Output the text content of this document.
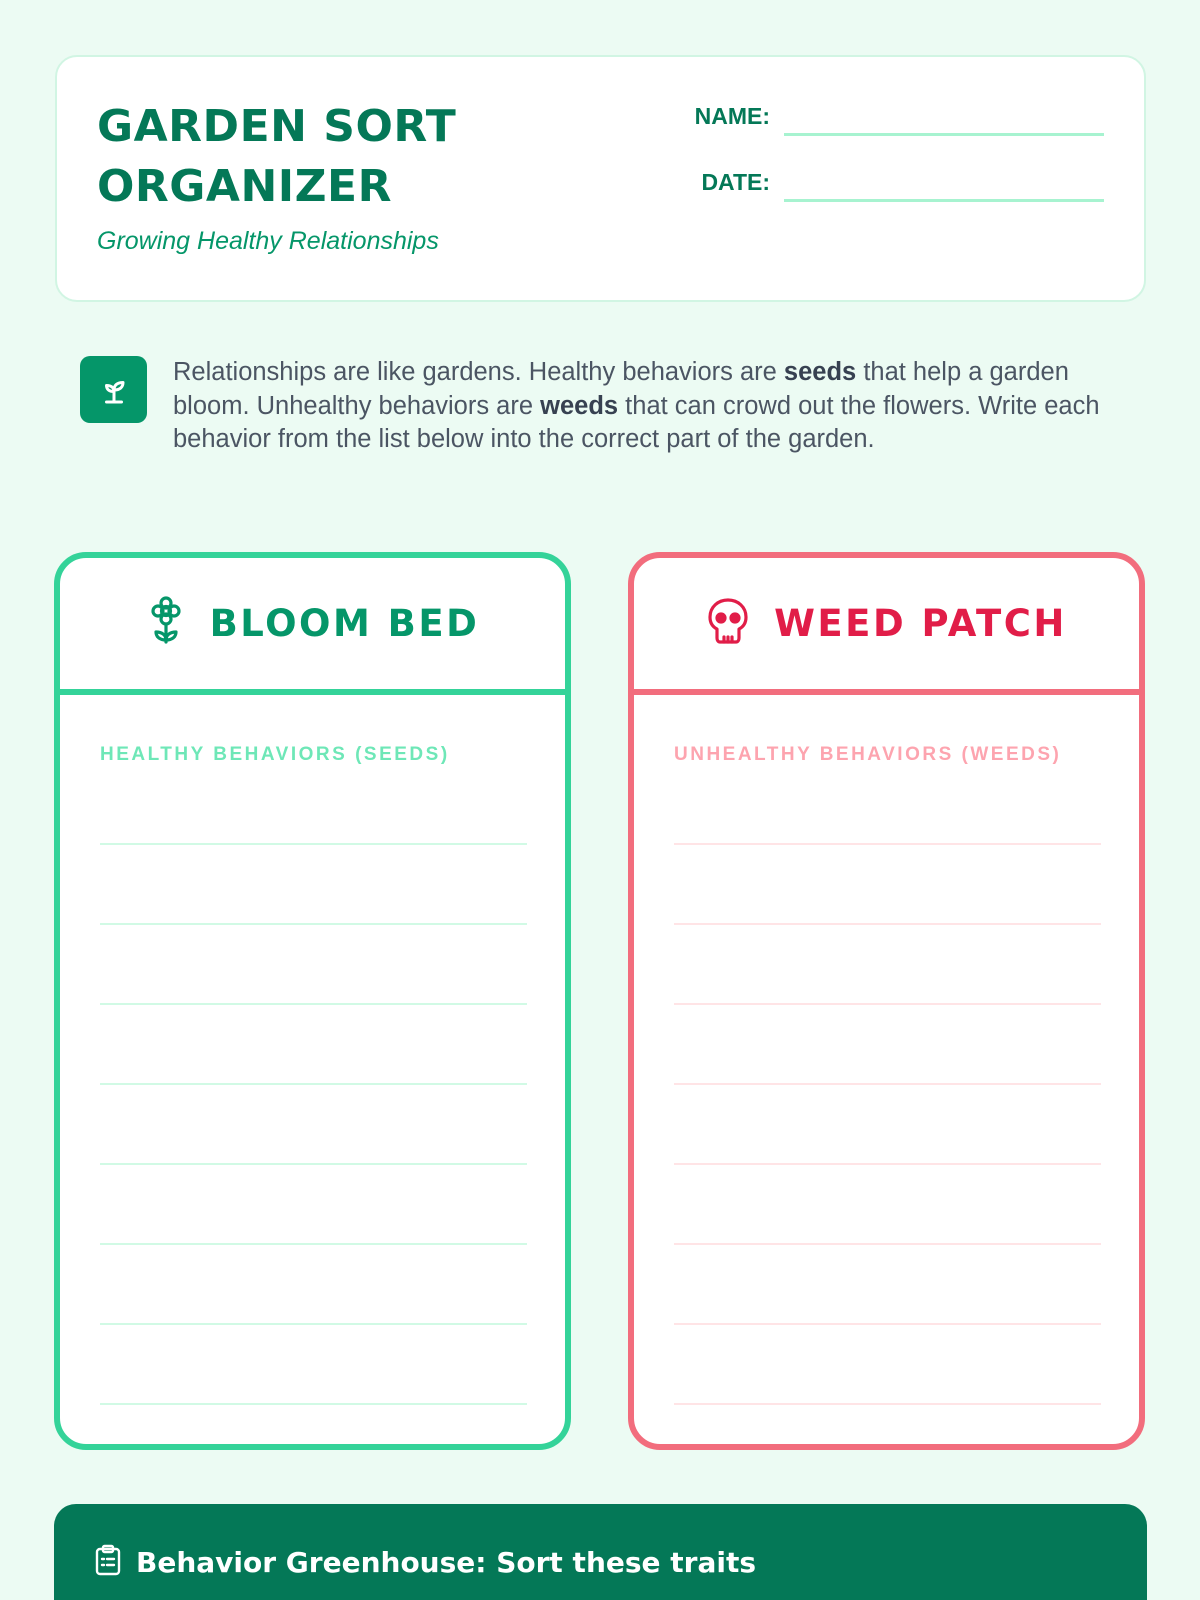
GARDEN SORT ORGANIZER
Growing Healthy Relationships
NAME:
DATE:

Relationships are like gardens. Healthy behaviors are seeds that help a garden bloom. Unhealthy behaviors are weeds that can crowd out the flowers. Write each behavior from the list below into the correct part of the garden.

BLOOM BED
HEALTHY BEHAVIORS (SEEDS)
WEED PATCH
UNHEALTHY BEHAVIORS (WEEDS)
Behavior Greenhouse: Sort these traits
